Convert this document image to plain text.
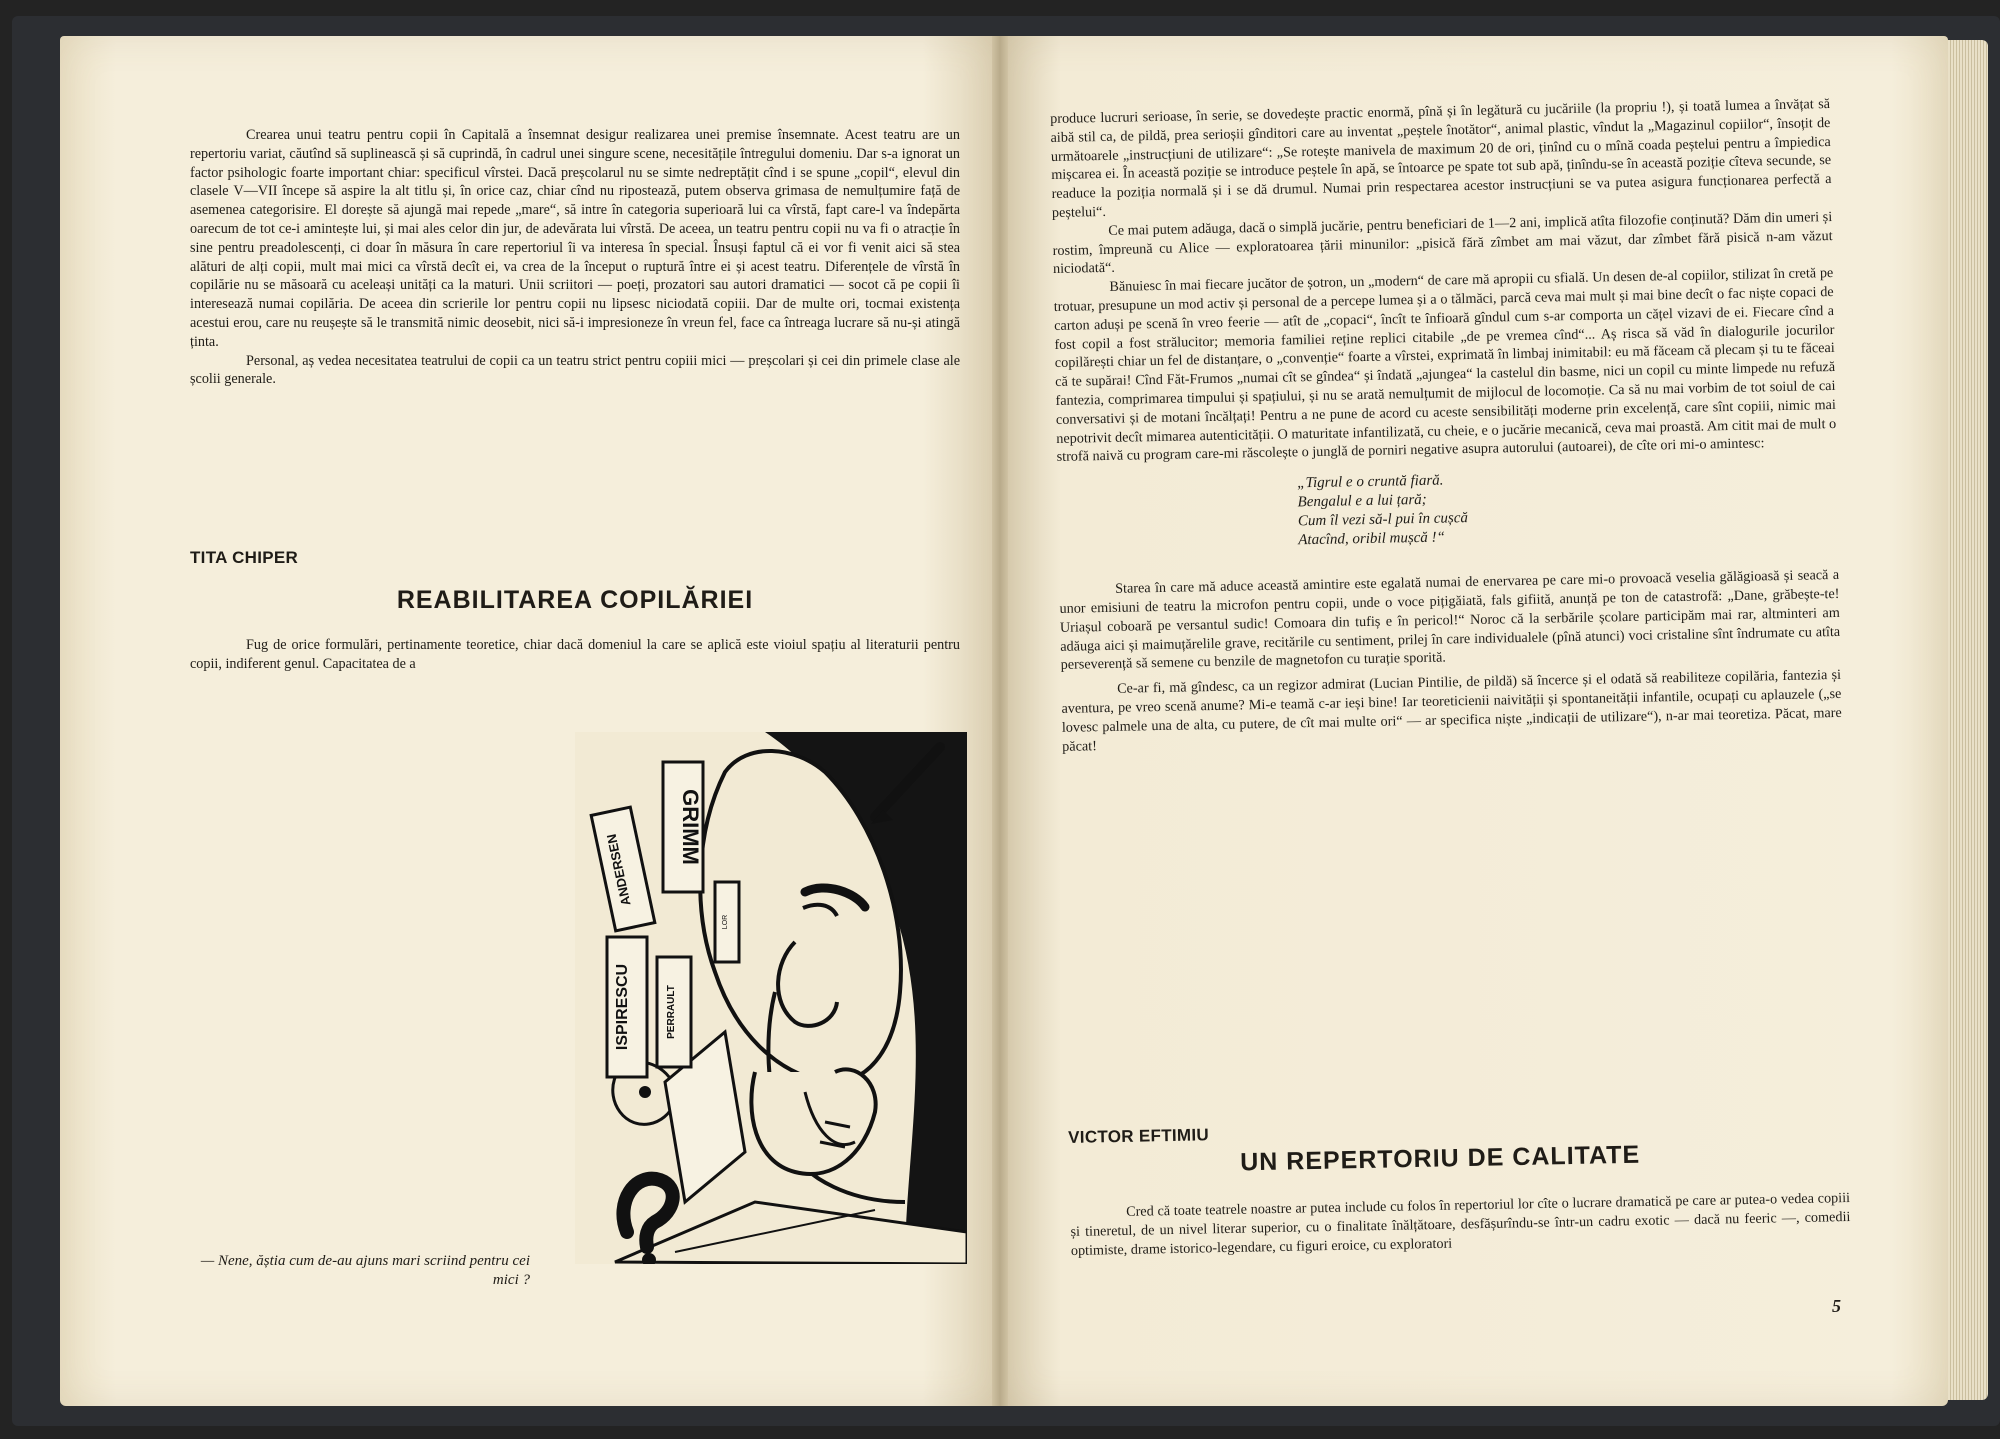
Crearea unui teatru pentru copii în Capitală a însemnat desigur realizarea unei premise însemnate. Acest teatru are un repertoriu variat, căutînd să suplinească și să cuprindă, în cadrul unei singure scene, necesitățile întregului domeniu. Dar s-a ignorat un factor psihologic foarte important chiar: specificul vîrstei. Dacă preșcolarul nu se simte nedreptățit cînd i se spune „copil“, elevul din clasele V—VII începe să aspire la alt titlu și, în orice caz, chiar cînd nu ripostează, putem observa grimasa de nemulțumire față de asemenea categorisire. El dorește să ajungă mai repede „mare“, să intre în categoria superioară lui ca vîrstă, fapt care-l va îndepărta oarecum de tot ce-i amintește lui, și mai ales celor din jur, de adevărata lui vîrstă. De aceea, un teatru pentru copii nu va fi o atracție în sine pentru preadolescenți, ci doar în măsura în care repertoriul îi va interesa în special. Însuși faptul că ei vor fi venit aici să stea alături de alți copii, mult mai mici ca vîrstă decît ei, va crea de la început o ruptură între ei și acest teatru. Diferențele de vîrstă în copilărie nu se măsoară cu aceleași unități ca la maturi. Unii scriitori — poeți, prozatori sau autori dramatici — socot că pe copii îi interesează numai copilăria. De aceea din scrierile lor pentru copii nu lipsesc niciodată copiii. Dar de multe ori, tocmai existența acestui erou, care nu reușește să le transmită nimic deosebit, nici să-i impresioneze în vreun fel, face ca întreaga lucrare să nu-și atingă ținta.

Personal, aș vedea necesitatea teatrului de copii ca un teatru strict pentru copiii mici — preșcolari și cei din primele clase ale școlii generale.

TITA CHIPER

REABILITAREA COPILĂRIEI

Fug de orice formulări, pertinamente teoretice, chiar dacă domeniul la care se aplică este vioiul spațiu al literaturii pentru copii, indiferent genul. Capacitatea de a

ANDERSEN
GRIMM
ISPIRESCU	PERRAULT
LOR

— Nene, ăștia cum de-au ajuns mari scriind pentru cei mici ?

produce lucruri serioase, în serie, se dovedește practic enormă, pînă și în legătură cu jucăriile (la propriu !), și toată lumea a învățat să aibă stil ca, de pildă, prea serioșii gînditori care au inventat „peștele înotător“, animal plastic, vîndut la „Magazinul copiilor“, însoțit de următoarele „instrucțiuni de utilizare“: „Se rotește manivela de maximum 20 de ori, ținînd cu o mînă coada peștelui pentru a împiedica mișcarea ei. În această poziție se introduce peștele în apă, se întoarce pe spate tot sub apă, ținîndu-se în această poziție cîteva secunde, se readuce la poziția normală și i se dă drumul. Numai prin respectarea acestor instrucțiuni se va putea asigura funcționarea perfectă a peștelui“. Ce mai putem adăuga, dacă o simplă jucărie, pentru beneficiari de 1—2 ani, implică atîta filozofie conținută? Dăm din umeri și rostim, împreună cu Alice — exploratoarea țării minunilor: „pisică fără zîmbet am mai văzut, dar zîmbet fără pisică n-am văzut niciodată“.

Bănuiesc în mai fiecare jucător de șotron, un „modern“ de care mă apropii cu sfială. Un desen de-al copiilor, stilizat în cretă pe trotuar, presupune un mod activ și personal de a percepe lumea și a o tălmăci, parcă ceva mai mult și mai bine decît o fac niște copaci de carton aduși pe scenă în vreo feerie — atît de „copaci“, încît te înfioară gîndul cum s-ar comporta un cățel vizavi de ei. Fiecare cînd a fost copil a fost strălucitor; memoria familiei reține replici citabile „de pe vremea cînd“... Aș risca să văd în dialogurile jocurilor copilărești chiar un fel de distanțare, o „convenție“ foarte a vîrstei, exprimată în limbaj inimitabil: eu mă făceam că plecam și tu te făceai că te supărai! Cînd Făt-Frumos „numai cît se gîndea“ și îndată „ajungea“ la castelul din basme, nici un copil cu minte limpede nu refuză fantezia, comprimarea timpului și spațiului, și nu se arată nemulțumit de mijlocul de locomoție. Ca să nu mai vorbim de tot soiul de cai conversativi și de motani încălțați! Pentru a ne pune de acord cu aceste sensibilități moderne prin excelență, care sînt copiii, nimic mai nepotrivit decît mimarea autenticității. O maturitate infantilizată, cu cheie, e o jucărie mecanică, ceva mai proastă. Am citit mai de mult o strofă naivă cu program care-mi răscolește o junglă de porniri negative asupra autorului (autoarei), de cîte ori mi-o amintesc:

„Tigrul e o cruntă fiară.
Bengalul e a lui țară;
Cum îl vezi să-l pui în cușcă
Atacînd, oribil mușcă !“

Starea în care mă aduce această amintire este egalată numai de enervarea pe care mi-o provoacă veselia gălăgioasă și seacă a unor emisiuni de teatru la microfon pentru copii, unde o voce pițigăiată, fals gifiită, anunță pe ton de catastrofă: „Dane, grăbește-te! Uriașul coboară pe versantul sudic! Comoara din tufiș e în pericol!“ Noroc că la serbările școlare participăm mai rar, altminteri am adăuga aici și maimuțărelile grave, recitările cu sentiment, prilej în care individualele (pînă atunci) voci cristaline sînt îndrumate cu atîta perseverență să semene cu benzile de magnetofon cu turație sporită.

Ce-ar fi, mă gîndesc, ca un regizor admirat (Lucian Pintilie, de pildă) să încerce și el odată să reabiliteze copilăria, fantezia și aventura, pe vreo scenă anume? Mi-e teamă c-ar ieși bine! Iar teoreticienii naivității și spontaneității infantile, ocupați cu aplauzele („se lovesc palmele una de alta, cu putere, de cît mai multe ori“ — ar specifica niște „indicații de utilizare“), n-ar mai teoretiza. Păcat, mare păcat!

VICTOR EFTIMIU

UN REPERTORIU DE CALITATE

Cred că toate teatrele noastre ar putea include cu folos în repertoriul lor cîte o lucrare dramatică pe care ar putea-o vedea copiii și tineretul, de un nivel literar superior, cu o finalitate înălțătoare, desfășurîndu-se într-un cadru exotic — dacă nu feeric —, comedii optimiste, drame istorico-legendare, cu figuri eroice, cu exploratori

5
